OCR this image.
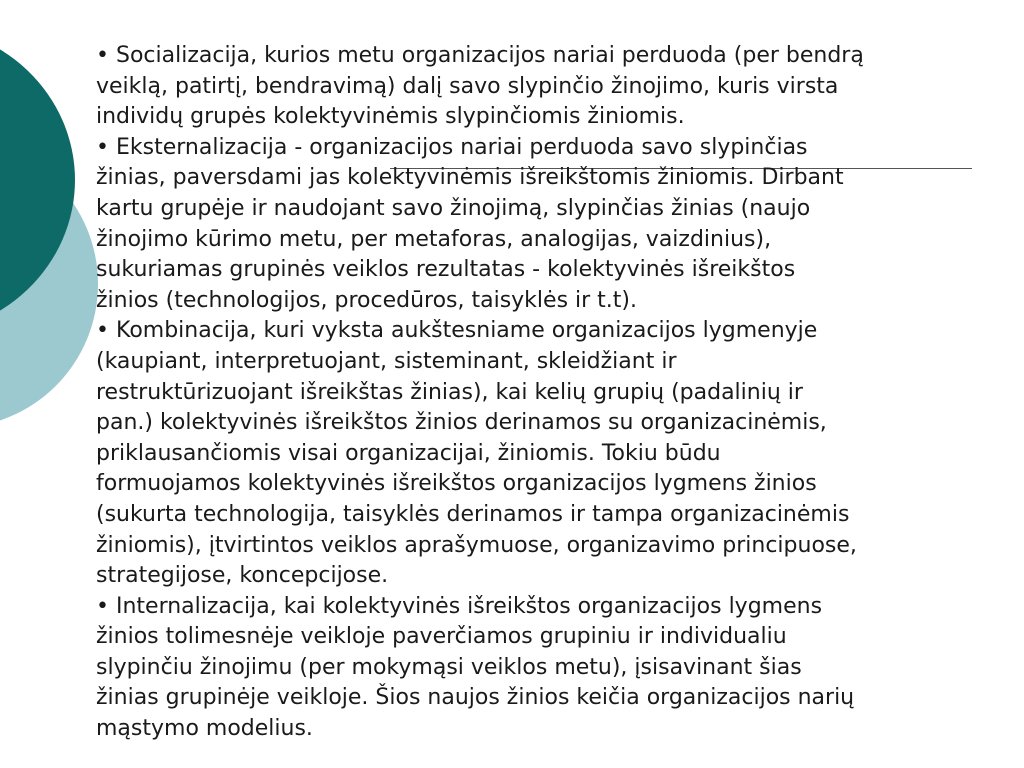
• Socializacija, kurios metu organizacijos nariai perduoda (per bendrą
veiklą, patirtį, bendravimą) dalį savo slypinčio žinojimo, kuris virsta
individų grupės kolektyvinėmis slypinčiomis žiniomis.

• Eksternalizacija - organizacijos nariai perduoda savo slypinčias
žinias, paversdami jas kolektyvinėmis išreikštomis žiniomis. Dirbant
kartu grupėje ir naudojant savo žinojimą, slypinčias žinias (naujo
žinojimo kūrimo metu, per metaforas, analogijas, vaizdinius),
sukuriamas grupinės veiklos rezultatas - kolektyvinės išreikštos
žinios (technologijos, procedūros, taisyklės ir t.t).

• Kombinacija, kuri vyksta aukštesniame organizacijos lygmenyje
(kaupiant, interpretuojant, sisteminant, skleidžiant ir
restruktūrizuojant išreikštas žinias), kai kelių grupių (padalinių ir
pan.) kolektyvinės išreikštos žinios derinamos su organizacinėmis,
priklausančiomis visai organizacijai, žiniomis. Tokiu būdu
formuojamos kolektyvinės išreikštos organizacijos lygmens žinios
(sukurta technologija, taisyklės derinamos ir tampa organizacinėmis
žiniomis), įtvirtintos veiklos aprašymuose, organizavimo principuose,
strategijose, koncepcijose.

• Internalizacija, kai kolektyvinės išreikštos organizacijos lygmens
žinios tolimesnėje veikloje paverčiamos grupiniu ir individualiu
slypinčiu žinojimu (per mokymąsi veiklos metu), įsisavinant šias
žinias grupinėje veikloje. Šios naujos žinios keičia organizacijos narių
mąstymo modelius.
